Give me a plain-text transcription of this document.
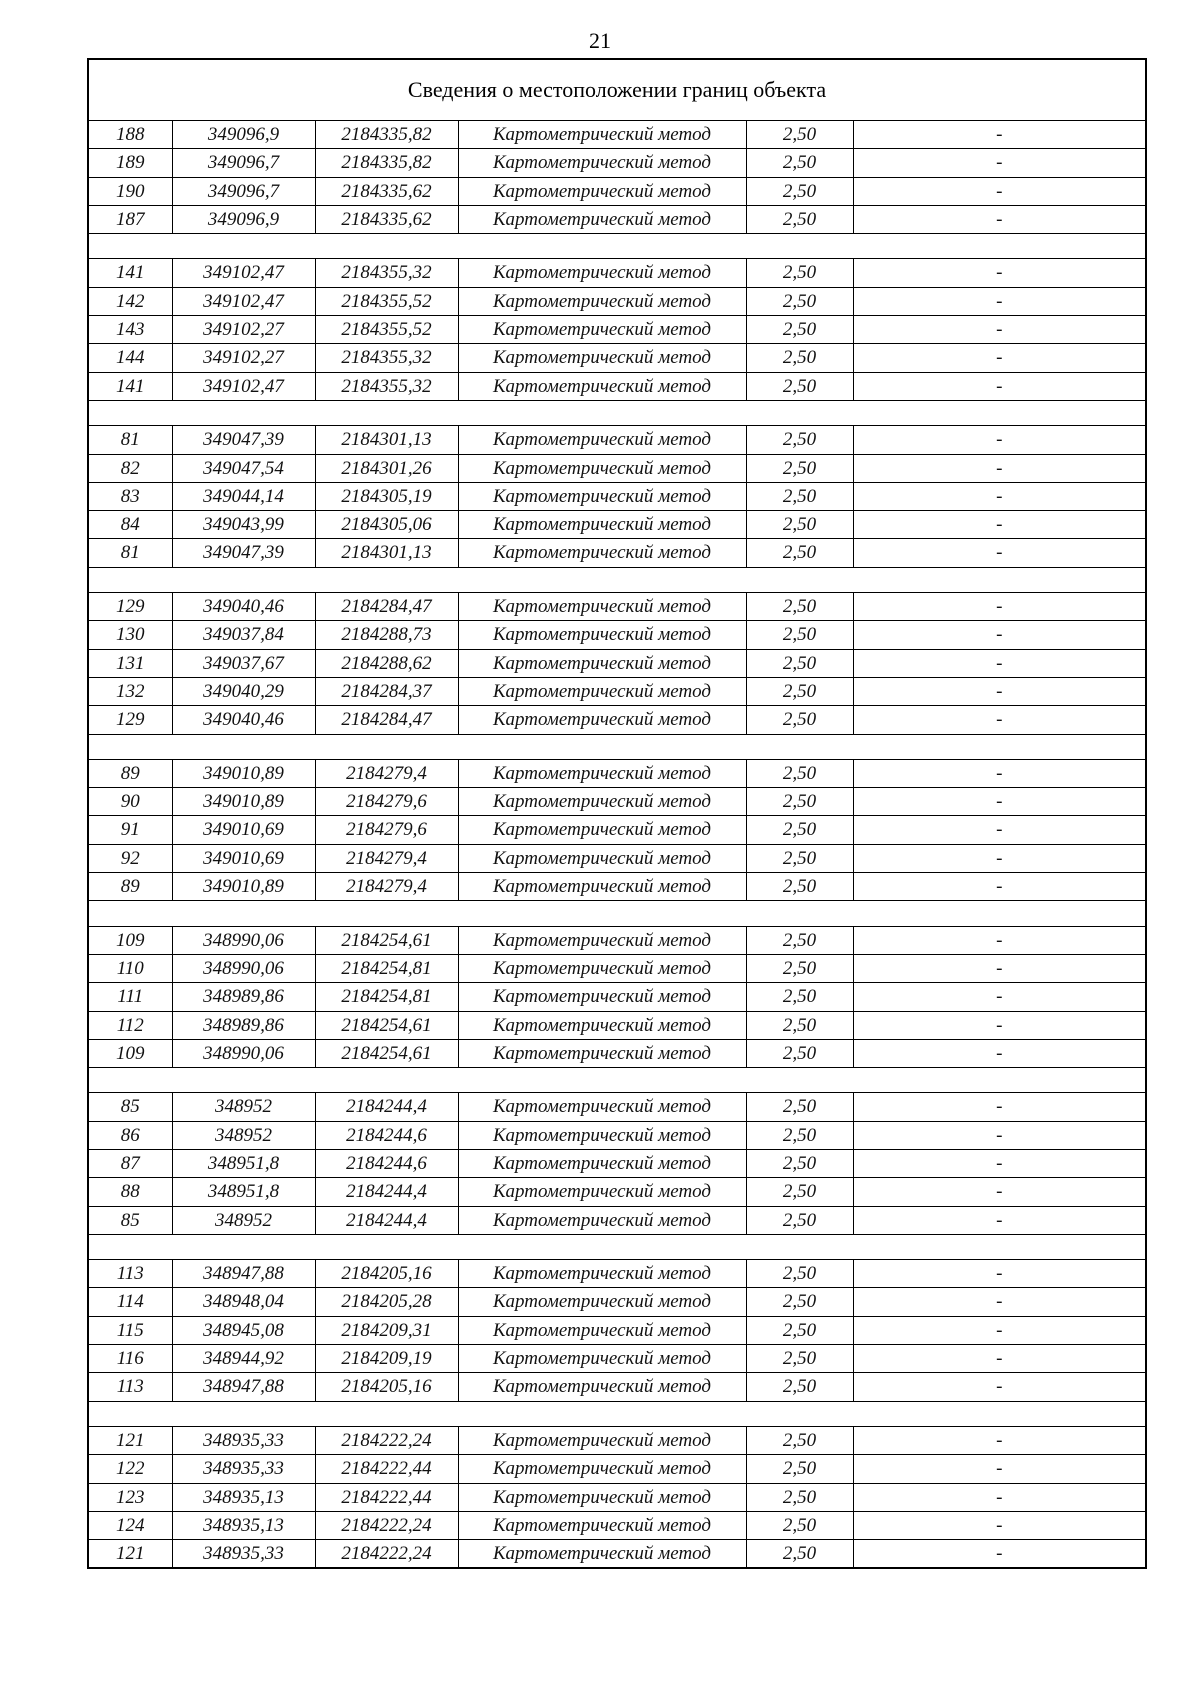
21
Сведения о местоположении границ объекта
188	349096,9	2184335,82	Картометрический метод	2,50	-
189	349096,7	2184335,82	Картометрический метод	2,50	-
190	349096,7	2184335,62	Картометрический метод	2,50	-
187	349096,9	2184335,62	Картометрический метод	2,50	-

141	349102,47	2184355,32	Картометрический метод	2,50	-
142	349102,47	2184355,52	Картометрический метод	2,50	-
143	349102,27	2184355,52	Картометрический метод	2,50	-
144	349102,27	2184355,32	Картометрический метод	2,50	-
141	349102,47	2184355,32	Картометрический метод	2,50	-

81	349047,39	2184301,13	Картометрический метод	2,50	-
82	349047,54	2184301,26	Картометрический метод	2,50	-
83	349044,14	2184305,19	Картометрический метод	2,50	-
84	349043,99	2184305,06	Картометрический метод	2,50	-
81	349047,39	2184301,13	Картометрический метод	2,50	-

129	349040,46	2184284,47	Картометрический метод	2,50	-
130	349037,84	2184288,73	Картометрический метод	2,50	-
131	349037,67	2184288,62	Картометрический метод	2,50	-
132	349040,29	2184284,37	Картометрический метод	2,50	-
129	349040,46	2184284,47	Картометрический метод	2,50	-

89	349010,89	2184279,4	Картометрический метод	2,50	-
90	349010,89	2184279,6	Картометрический метод	2,50	-
91	349010,69	2184279,6	Картометрический метод	2,50	-
92	349010,69	2184279,4	Картометрический метод	2,50	-
89	349010,89	2184279,4	Картометрический метод	2,50	-

109	348990,06	2184254,61	Картометрический метод	2,50	-
110	348990,06	2184254,81	Картометрический метод	2,50	-
111	348989,86	2184254,81	Картометрический метод	2,50	-
112	348989,86	2184254,61	Картометрический метод	2,50	-
109	348990,06	2184254,61	Картометрический метод	2,50	-

85	348952	2184244,4	Картометрический метод	2,50	-
86	348952	2184244,6	Картометрический метод	2,50	-
87	348951,8	2184244,6	Картометрический метод	2,50	-
88	348951,8	2184244,4	Картометрический метод	2,50	-
85	348952	2184244,4	Картометрический метод	2,50	-

113	348947,88	2184205,16	Картометрический метод	2,50	-
114	348948,04	2184205,28	Картометрический метод	2,50	-
115	348945,08	2184209,31	Картометрический метод	2,50	-
116	348944,92	2184209,19	Картометрический метод	2,50	-
113	348947,88	2184205,16	Картометрический метод	2,50	-

121	348935,33	2184222,24	Картометрический метод	2,50	-
122	348935,33	2184222,44	Картометрический метод	2,50	-
123	348935,13	2184222,44	Картометрический метод	2,50	-
124	348935,13	2184222,24	Картометрический метод	2,50	-
121	348935,33	2184222,24	Картометрический метод	2,50	-
